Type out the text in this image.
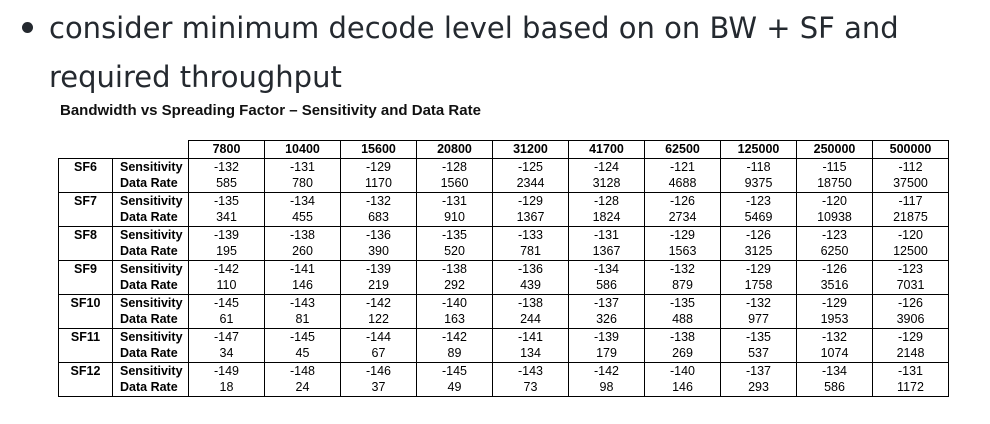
consider minimum decode level based on on BW + SF and
required throughput
Bandwidth vs Spreading Factor – Sensitivity and Data Rate
		7800	10400	15600	20800	31200	41700	62500	125000	250000	500000
SF6	Sensitivity	-132	-131	-129	-128	-125	-124	-121	-118	-115	-112
	Data Rate	585	780	1170	1560	2344	3128	4688	9375	18750	37500
SF7	Sensitivity	-135	-134	-132	-131	-129	-128	-126	-123	-120	-117
	Data Rate	341	455	683	910	1367	1824	2734	5469	10938	21875
SF8	Sensitivity	-139	-138	-136	-135	-133	-131	-129	-126	-123	-120
	Data Rate	195	260	390	520	781	1367	1563	3125	6250	12500
SF9	Sensitivity	-142	-141	-139	-138	-136	-134	-132	-129	-126	-123
	Data Rate	110	146	219	292	439	586	879	1758	3516	7031
SF10	Sensitivity	-145	-143	-142	-140	-138	-137	-135	-132	-129	-126
	Data Rate	61	81	122	163	244	326	488	977	1953	3906
SF11	Sensitivity	-147	-145	-144	-142	-141	-139	-138	-135	-132	-129
	Data Rate	34	45	67	89	134	179	269	537	1074	2148
SF12	Sensitivity	-149	-148	-146	-145	-143	-142	-140	-137	-134	-131
	Data Rate	18	24	37	49	73	98	146	293	586	1172
